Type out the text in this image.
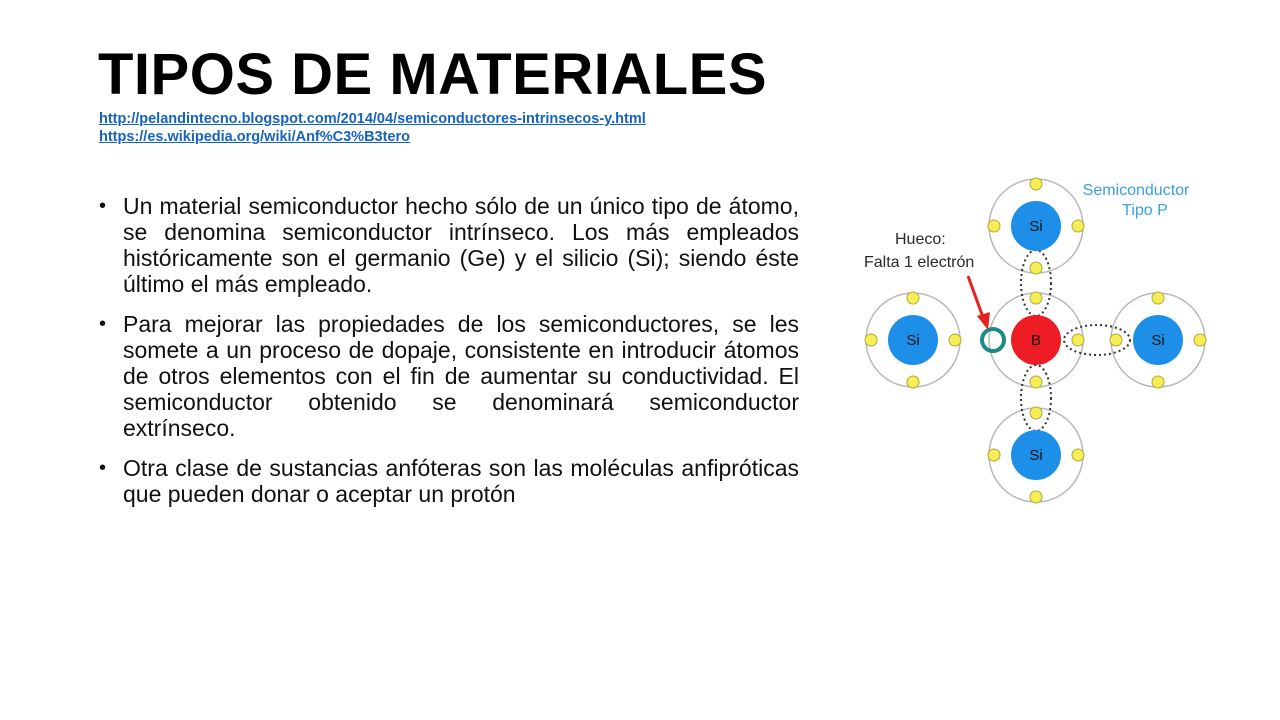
TIPOS DE MATERIALES
http://pelandintecno.blogspot.com/2014/04/semiconductores-intrinsecos-y.html
https://es.wikipedia.org/wiki/Anf%C3%B3tero
• Un material semiconductor hecho sólo de un único tipo de átomo, se denomina semiconductor intrínseco. Los más empleados históricamente son el germanio (Ge) y el silicio (Si); siendo éste último el más empleado.
• Para mejorar las propiedades de los semiconductores, se les somete a un proceso de dopaje, consistente en introducir átomos de otros elementos con el fin de aumentar su conductividad. El semiconductor obtenido se denominará semiconductor extrínseco.
• Otra clase de sustancias anfóteras son las moléculas anfipróticas que pueden donar o aceptar un protón
Si
Si	B	Si
Si
Hueco:
Falta 1 electrón
Semiconductor
Tipo P
